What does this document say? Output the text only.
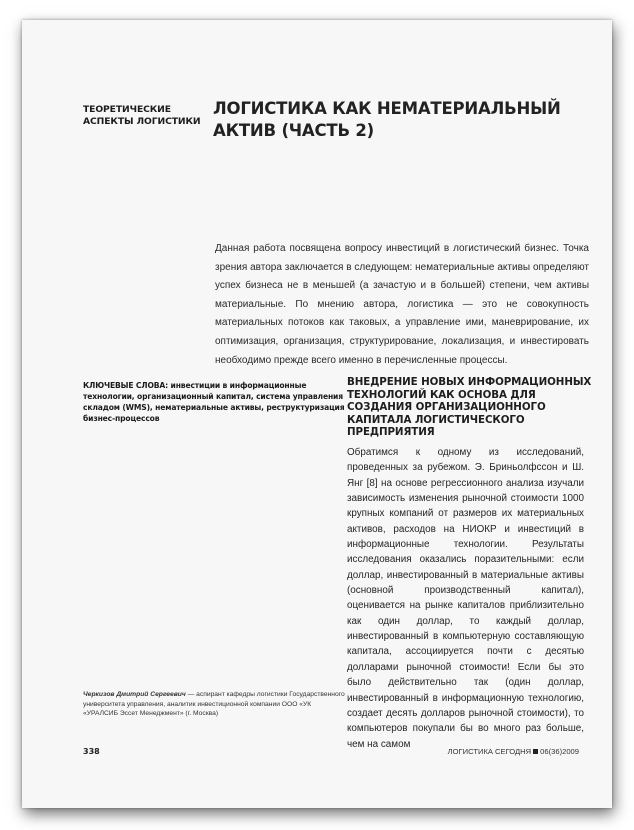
ТЕОРЕТИЧЕСКИЕ АСПЕКТЫ ЛОГИСТИКИ
ЛОГИСТИКА КАК НЕМАТЕРИАЛЬНЫЙ АКТИВ (ЧАСТЬ 2)

Данная работа посвящена вопросу инвестиций в логистический бизнес. Точка зрения автора заключается в следующем: нематериальные активы определяют успех бизнеса не в меньшей (а зачастую и в большей) степени, чем активы материальные. По мнению автора, логистика — это не совокупность материальных потоков как таковых, а управление ими, маневрирование, их оптимизация, организация, структурирование, локализация, и инвестировать необходимо прежде всего именно в перечисленные процессы.

КЛЮЧЕВЫЕ СЛОВА: инвестиции в информационные технологии, организационный капитал, система управления складом (WMS), нематериальные активы, реструктуризация бизнес-процессов

ВНЕДРЕНИЕ НОВЫХ ИНФОРМАЦИОННЫХ ТЕХНОЛОГИЙ КАК ОСНОВА ДЛЯ СОЗДАНИЯ ОРГАНИЗАЦИОННОГО КАПИТАЛА ЛОГИСТИЧЕСКОГО ПРЕДПРИЯТИЯ

Обратимся к одному из исследований, проведенных за рубежом. Э. Бриньолфссон и Ш. Янг [8] на основе регрессионного анализа изучали зависимость изменения рыночной стоимости 1000 крупных компаний от размеров их материальных активов, расходов на НИОКР и инвестиций в информационные технологии. Результаты исследования оказались поразительными: если доллар, инвестированный в материальные активы (основной производственный капитал), оценивается на рынке капиталов приблизительно как один доллар, то каждый доллар, инвестированный в компьютерную составляющую капитала, ассоциируется почти с десятью долларами рыночной стоимости! Если бы это было действительно так (один доллар, инвестированный в информационную технологию, создает десять долларов рыночной стоимости), то компьютеров покупали бы во много раз больше, чем на самом

Черкизов Дмитрий Сергеевич — аспирант кафедры логистики Государственного университета управления, аналитик инвестиционной компании ООО «УК «УРАЛСИБ Эссет Менеджмент» (г. Москва)

338	ЛОГИСТИКА СЕГОДНЯ 06(36)2009
